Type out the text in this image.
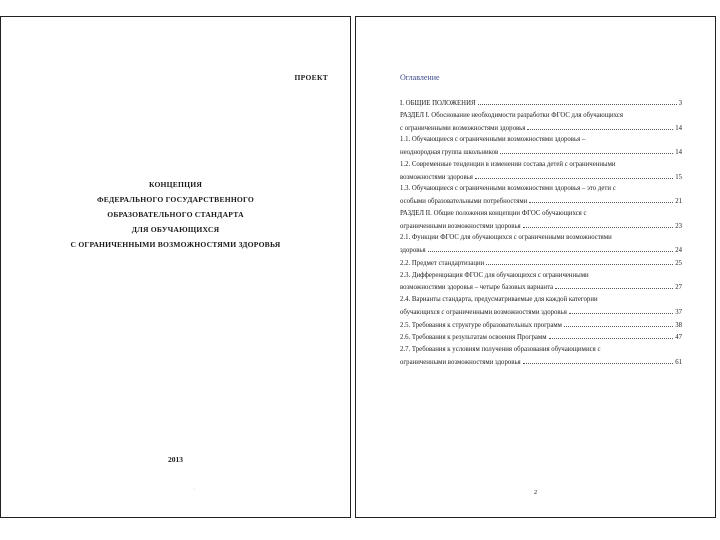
ПРОЕКТ
КОНЦЕПЦИЯ
ФЕДЕРАЛЬНОГО ГОСУДАРСТВЕННОГО
ОБРАЗОВАТЕЛЬНОГО СТАНДАРТА
ДЛЯ ОБУЧАЮЩИХСЯ
С ОГРАНИЧЕННЫМИ ВОЗМОЖНОСТЯМИ ЗДОРОВЬЯ
2013
·
Оглавление
I. ОБЩИЕ ПОЛОЖЕНИЯ	3
РАЗДЕЛ I. Обоснование необходимости разработки ФГОС для обучающихся
с ограниченными возможностями здоровья	14
1.1. Обучающиеся с ограниченными возможностями здоровья –
неоднородная группа школьников	14
1.2. Современные тенденции в изменении состава детей с ограниченными
возможностями здоровья	15
1.3. Обучающиеся с ограниченными возможностями здоровья – это дети с
особыми образовательными потребностями	21
РАЗДЕЛ II. Общие положения концепции ФГОС обучающихся с
ограниченными возможностями здоровья	23
2.1. Функции ФГОС для обучающихся с ограниченными возможностями
здоровья	24
2.2. Предмет стандартизации	25
2.3. Дифференциация ФГОС для обучающихся с ограниченными
возможностями здоровья – четыре базовых варианта	27
2.4. Варианты стандарта, предусматриваемые для каждой категории
обучающихся с ограниченными возможностями здоровья	37
2.5. Требования к структуре образовательных программ	38
2.6. Требования к результатам освоения Программ	47
2.7. Требования к условиям получения образования обучающимися с
ограниченными возможностями здоровья	61
2
